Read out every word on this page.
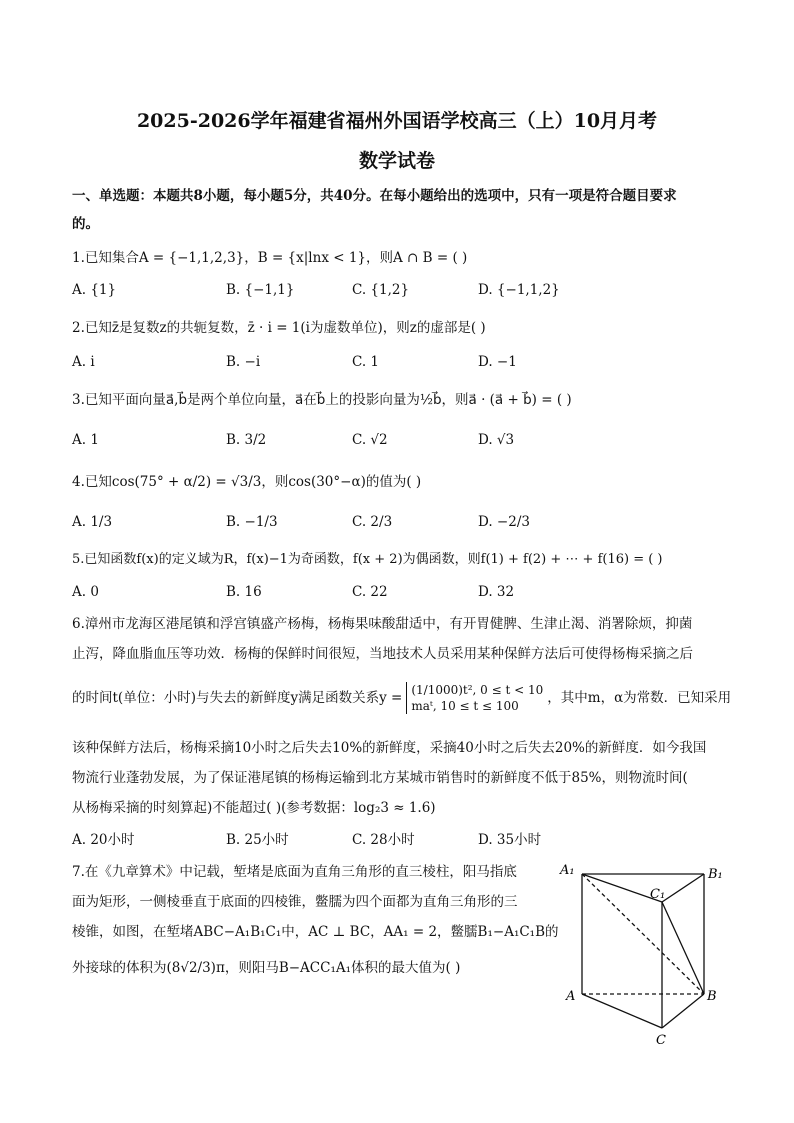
2025-2026学年福建省福州外国语学校高三（上）10月月考
数学试卷
一、单选题：本题共8小题，每小题5分，共40分。在每小题给出的选项中，只有一项是符合题目要求
的。
1.已知集合A = {−1,1,2,3}，B = {x|lnx < 1}，则A ∩ B = ( )
A. {1}	B. {−1,1}	C. {1,2}	D. {−1,1,2}
2.已知z̄是复数z的共轭复数，z̄ · i = 1(i为虚数单位)，则z的虚部是( )
A. i	B. −i	C. 1	D. −1
3.已知平面向量a⃗,b⃗是两个单位向量，a⃗在b⃗上的投影向量为½b⃗，则a⃗ · (a⃗ + b⃗) = ( )
A. 1	B. 3/2	C. √2	D. √3
4.已知cos(75° + α/2) = √3/3，则cos(30°−α)的值为( )
A. 1/3	B. −1/3	C. 2/3	D. −2/3
5.已知函数f(x)的定义域为R，f(x)−1为奇函数，f(x + 2)为偶函数，则f(1) + f(2) + ⋯ + f(16) = ( )
A. 0	B. 16	C. 22	D. 32
6.漳州市龙海区港尾镇和浮宫镇盛产杨梅，杨梅果味酸甜适中，有开胃健脾、生津止渴、消署除烦，抑菌
止泻，降血脂血压等功效．杨梅的保鲜时间很短，当地技术人员采用某种保鲜方法后可使得杨梅采摘之后
的时间t(单位：小时)与失去的新鲜度y满足函数关系y = (1/1000)t², 0 ≤ t < 10
maᵗ, 10 ≤ t ≤ 100	，其中m，α为常数．已知采用
该种保鲜方法后，杨梅采摘10小时之后失去10%的新鲜度，采摘40小时之后失去20%的新鲜度．如今我国
物流行业蓬勃发展，为了保证港尾镇的杨梅运输到北方某城市销售时的新鲜度不低于85%，则物流时间(
从杨梅采摘的时刻算起)不能超过( )(参考数据：log₂3 ≈ 1.6)
A. 20小时	B. 25小时	C. 28小时	D. 35小时
7.在《九章算术》中记载，堑堵是底面为直角三角形的直三棱柱，阳马指底
面为矩形，一侧棱垂直于底面的四棱锥，鳖臑为四个面都为直角三角形的三
棱锥，如图，在堑堵ABC−A₁B₁C₁中，AC ⊥ BC，AA₁ = 2，鳖臑B₁−A₁C₁B的
外接球的体积为(8√2/3)π，则阳马B−ACC₁A₁体积的最大值为( )
A₁	B₁
C₁
A	B
C
